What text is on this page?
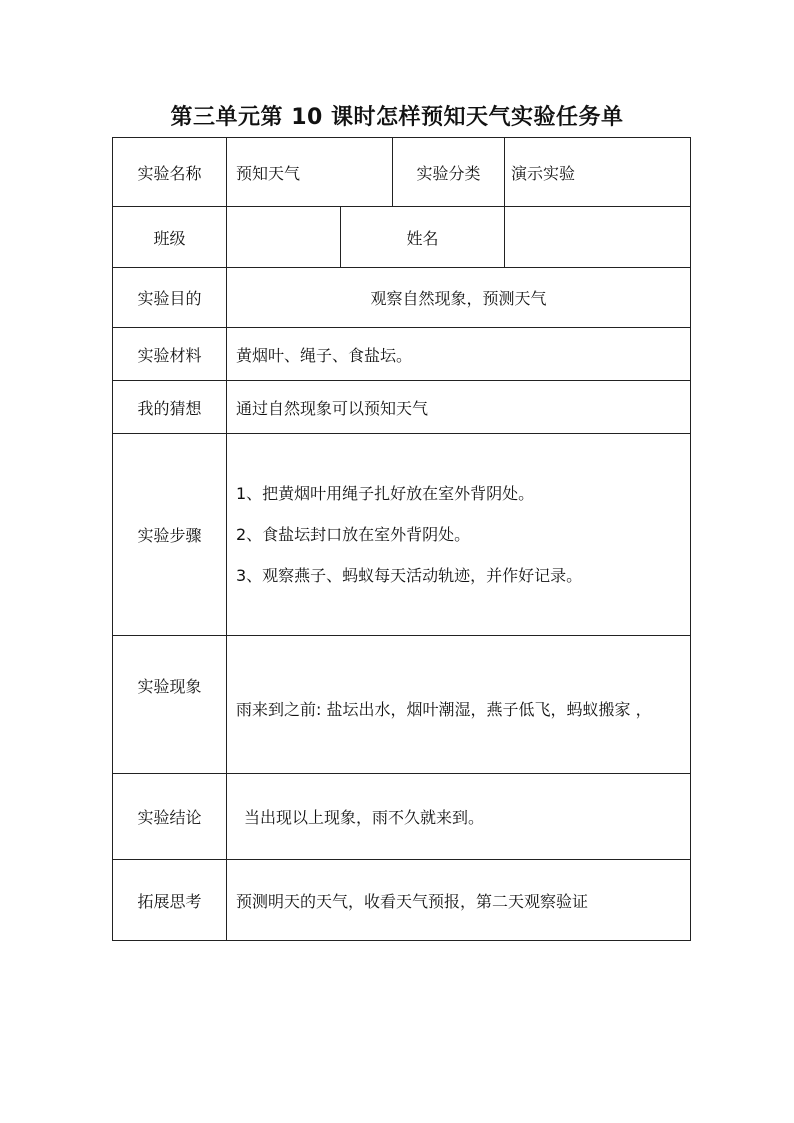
第三单元第 10 课时怎样预知天气实验任务单
实验名称	预知天气		实验分类	演示实验
班级		姓名		
实验目的	观察自然现象，预测天气			
实验材料	黄烟叶、绳子、食盐坛。			
我的猜想	通过自然现象可以预知天气			
实验步骤	1、把黄烟叶用绳子扎好放在室外背阴处。
2、食盐坛封口放在室外背阴处。
3、观察燕子、蚂蚁每天活动轨迹，并作好记录。			

实验现象	雨来到之前: 盐坛出水，烟叶潮湿，燕子低飞，蚂蚁搬家 ，			
实验结论	当出现以上现象，雨不久就来到。			
拓展思考	预测明天的天气，收看天气预报，第二天观察验证			
